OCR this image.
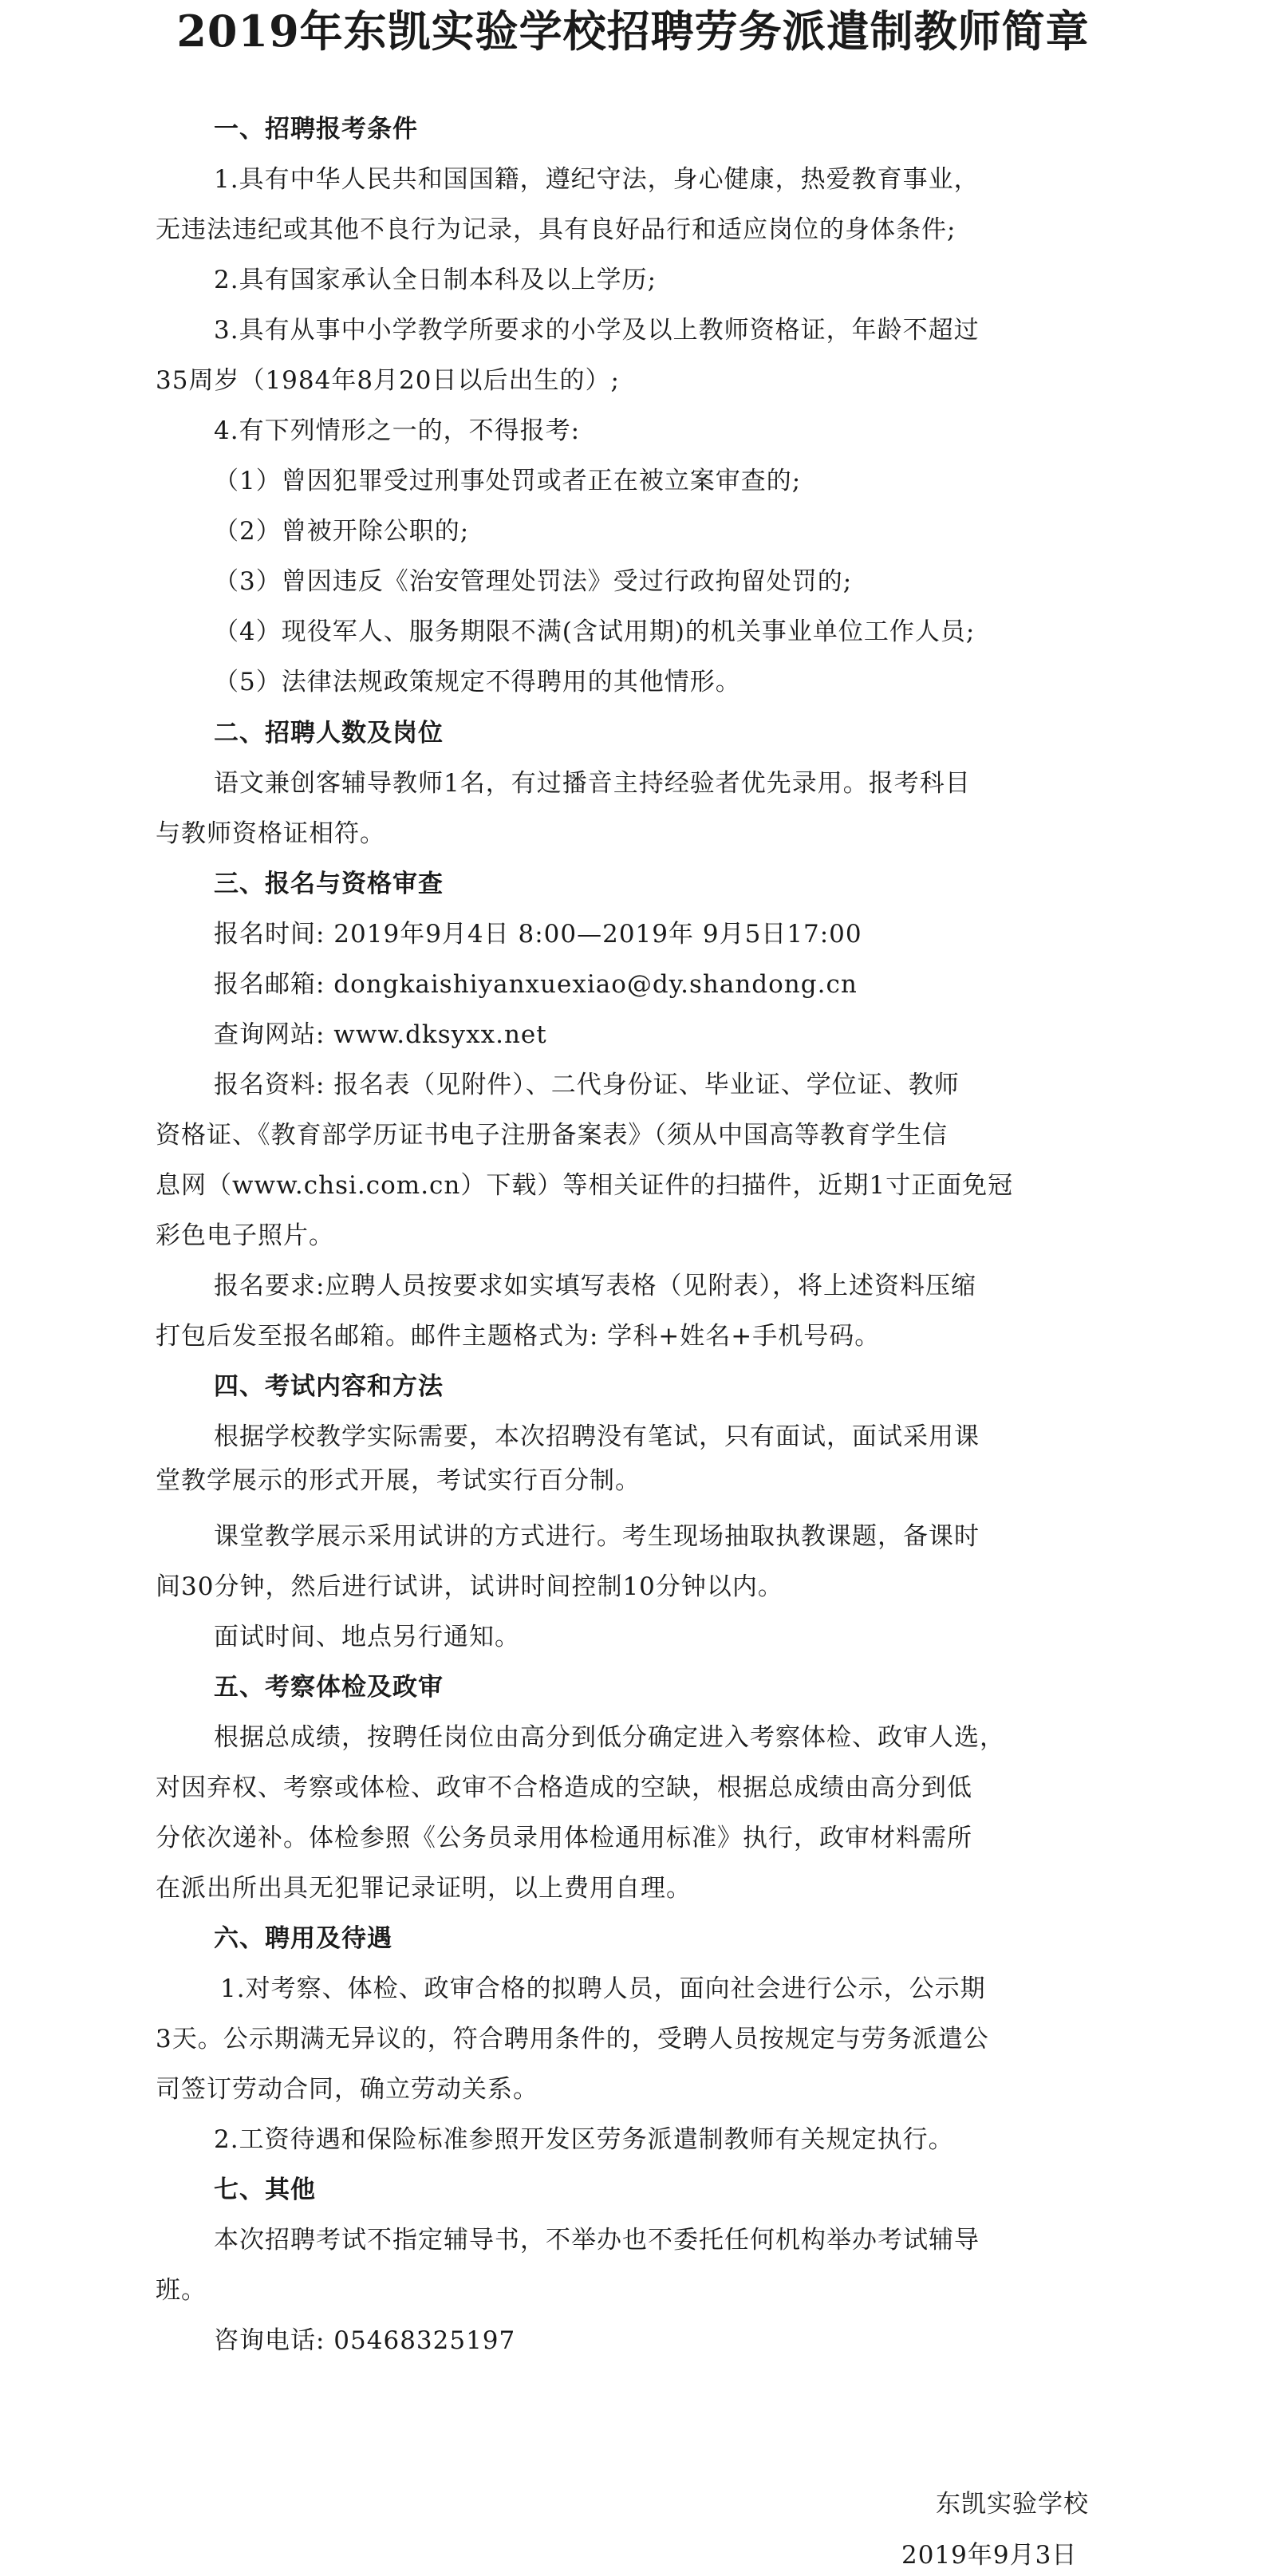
2019年东凯实验学校招聘劳务派遣制教师简章
一、招聘报考条件
1.具有中华人民共和国国籍，遵纪守法，身心健康，热爱教育事业，
无违法违纪或其他不良行为记录，具有良好品行和适应岗位的身体条件;
2.具有国家承认全日制本科及以上学历;
3.具有从事中小学教学所要求的小学及以上教师资格证，年龄不超过
35周岁（1984年8月20日以后出生的）;
4.有下列情形之一的，不得报考:
（1）曾因犯罪受过刑事处罚或者正在被立案审查的;
（2）曾被开除公职的;
（3）曾因违反《治安管理处罚法》受过行政拘留处罚的;
（4）现役军人、服务期限不满(含试用期)的机关事业单位工作人员;
（5）法律法规政策规定不得聘用的其他情形。
二、招聘人数及岗位
语文兼创客辅导教师1名，有过播音主持经验者优先录用。报考科目
与教师资格证相符。
三、报名与资格审查
报名时间: 2019年9月4日 8:00—2019年 9月5日17:00
报名邮箱: dongkaishiyanxuexiao@dy.shandong.cn
查询网站: www.dksyxx.net
报名资料: 报名表（见附件）、二代身份证、毕业证、学位证、教师
资格证、《教育部学历证书电子注册备案表》（须从中国高等教育学生信
息网（www.chsi.com.cn）下载）等相关证件的扫描件，近期1寸正面免冠
彩色电子照片。
报名要求:应聘人员按要求如实填写表格（见附表），将上述资料压缩
打包后发至报名邮箱。邮件主题格式为: 学科+姓名+手机号码。
四、考试内容和方法
根据学校教学实际需要，本次招聘没有笔试，只有面试，面试采用课
堂教学展示的形式开展，考试实行百分制。
课堂教学展示采用试讲的方式进行。考生现场抽取执教课题，备课时
间30分钟，然后进行试讲，试讲时间控制10分钟以内。
面试时间、地点另行通知。
五、考察体检及政审
根据总成绩，按聘任岗位由高分到低分确定进入考察体检、政审人选，
对因弃权、考察或体检、政审不合格造成的空缺，根据总成绩由高分到低
分依次递补。体检参照《公务员录用体检通用标准》执行，政审材料需所
在派出所出具无犯罪记录证明，以上费用自理。
六、聘用及待遇
1.对考察、体检、政审合格的拟聘人员，面向社会进行公示，公示期
3天。公示期满无异议的，符合聘用条件的，受聘人员按规定与劳务派遣公
司签订劳动合同，确立劳动关系。
2.工资待遇和保险标准参照开发区劳务派遣制教师有关规定执行。
七、其他
本次招聘考试不指定辅导书，不举办也不委托任何机构举办考试辅导
班。
咨询电话: 05468325197
东凯实验学校
2019年9月3日
